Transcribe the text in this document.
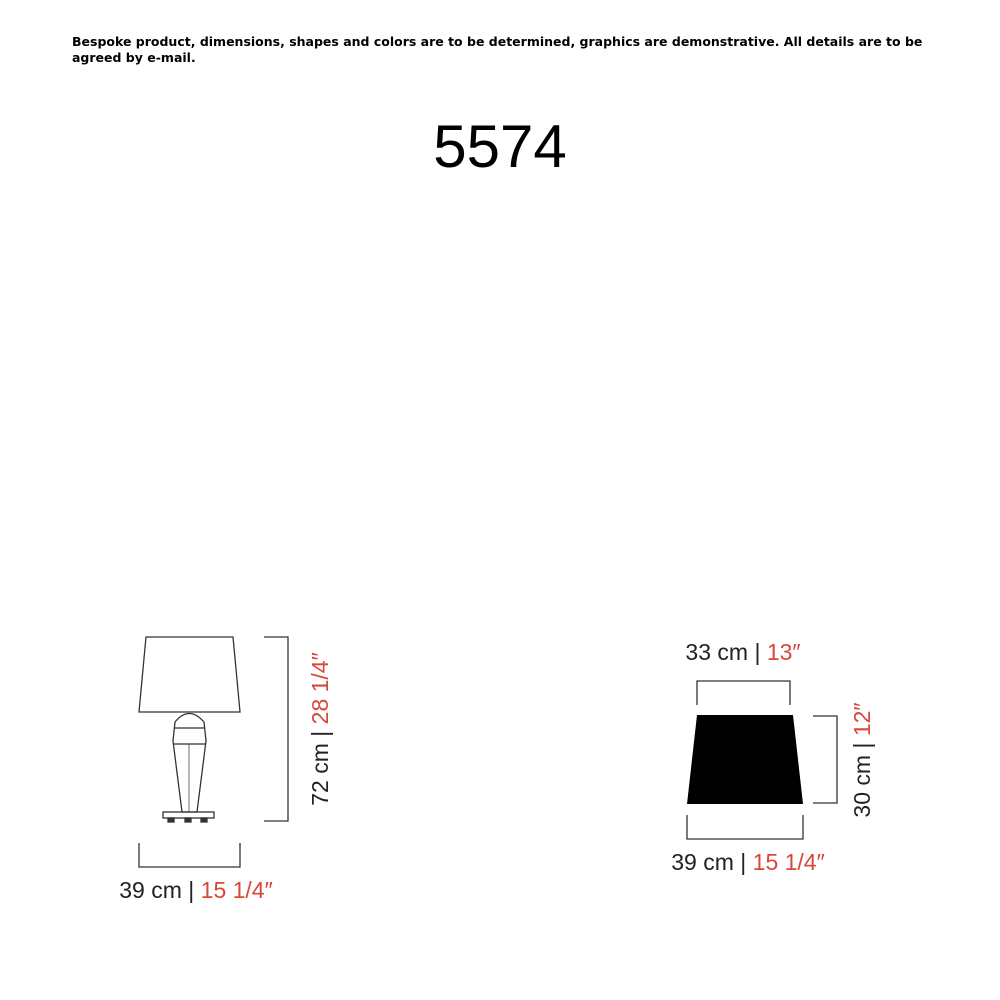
Bespoke product, dimensions, shapes and colors are to be determined, graphics are demonstrative. All details are to be agreed by e-mail.
5574
72 cm | 28 1/4″
39 cm | 15 1/4″
33 cm | 13″
30 cm | 12″
39 cm | 15 1/4″
